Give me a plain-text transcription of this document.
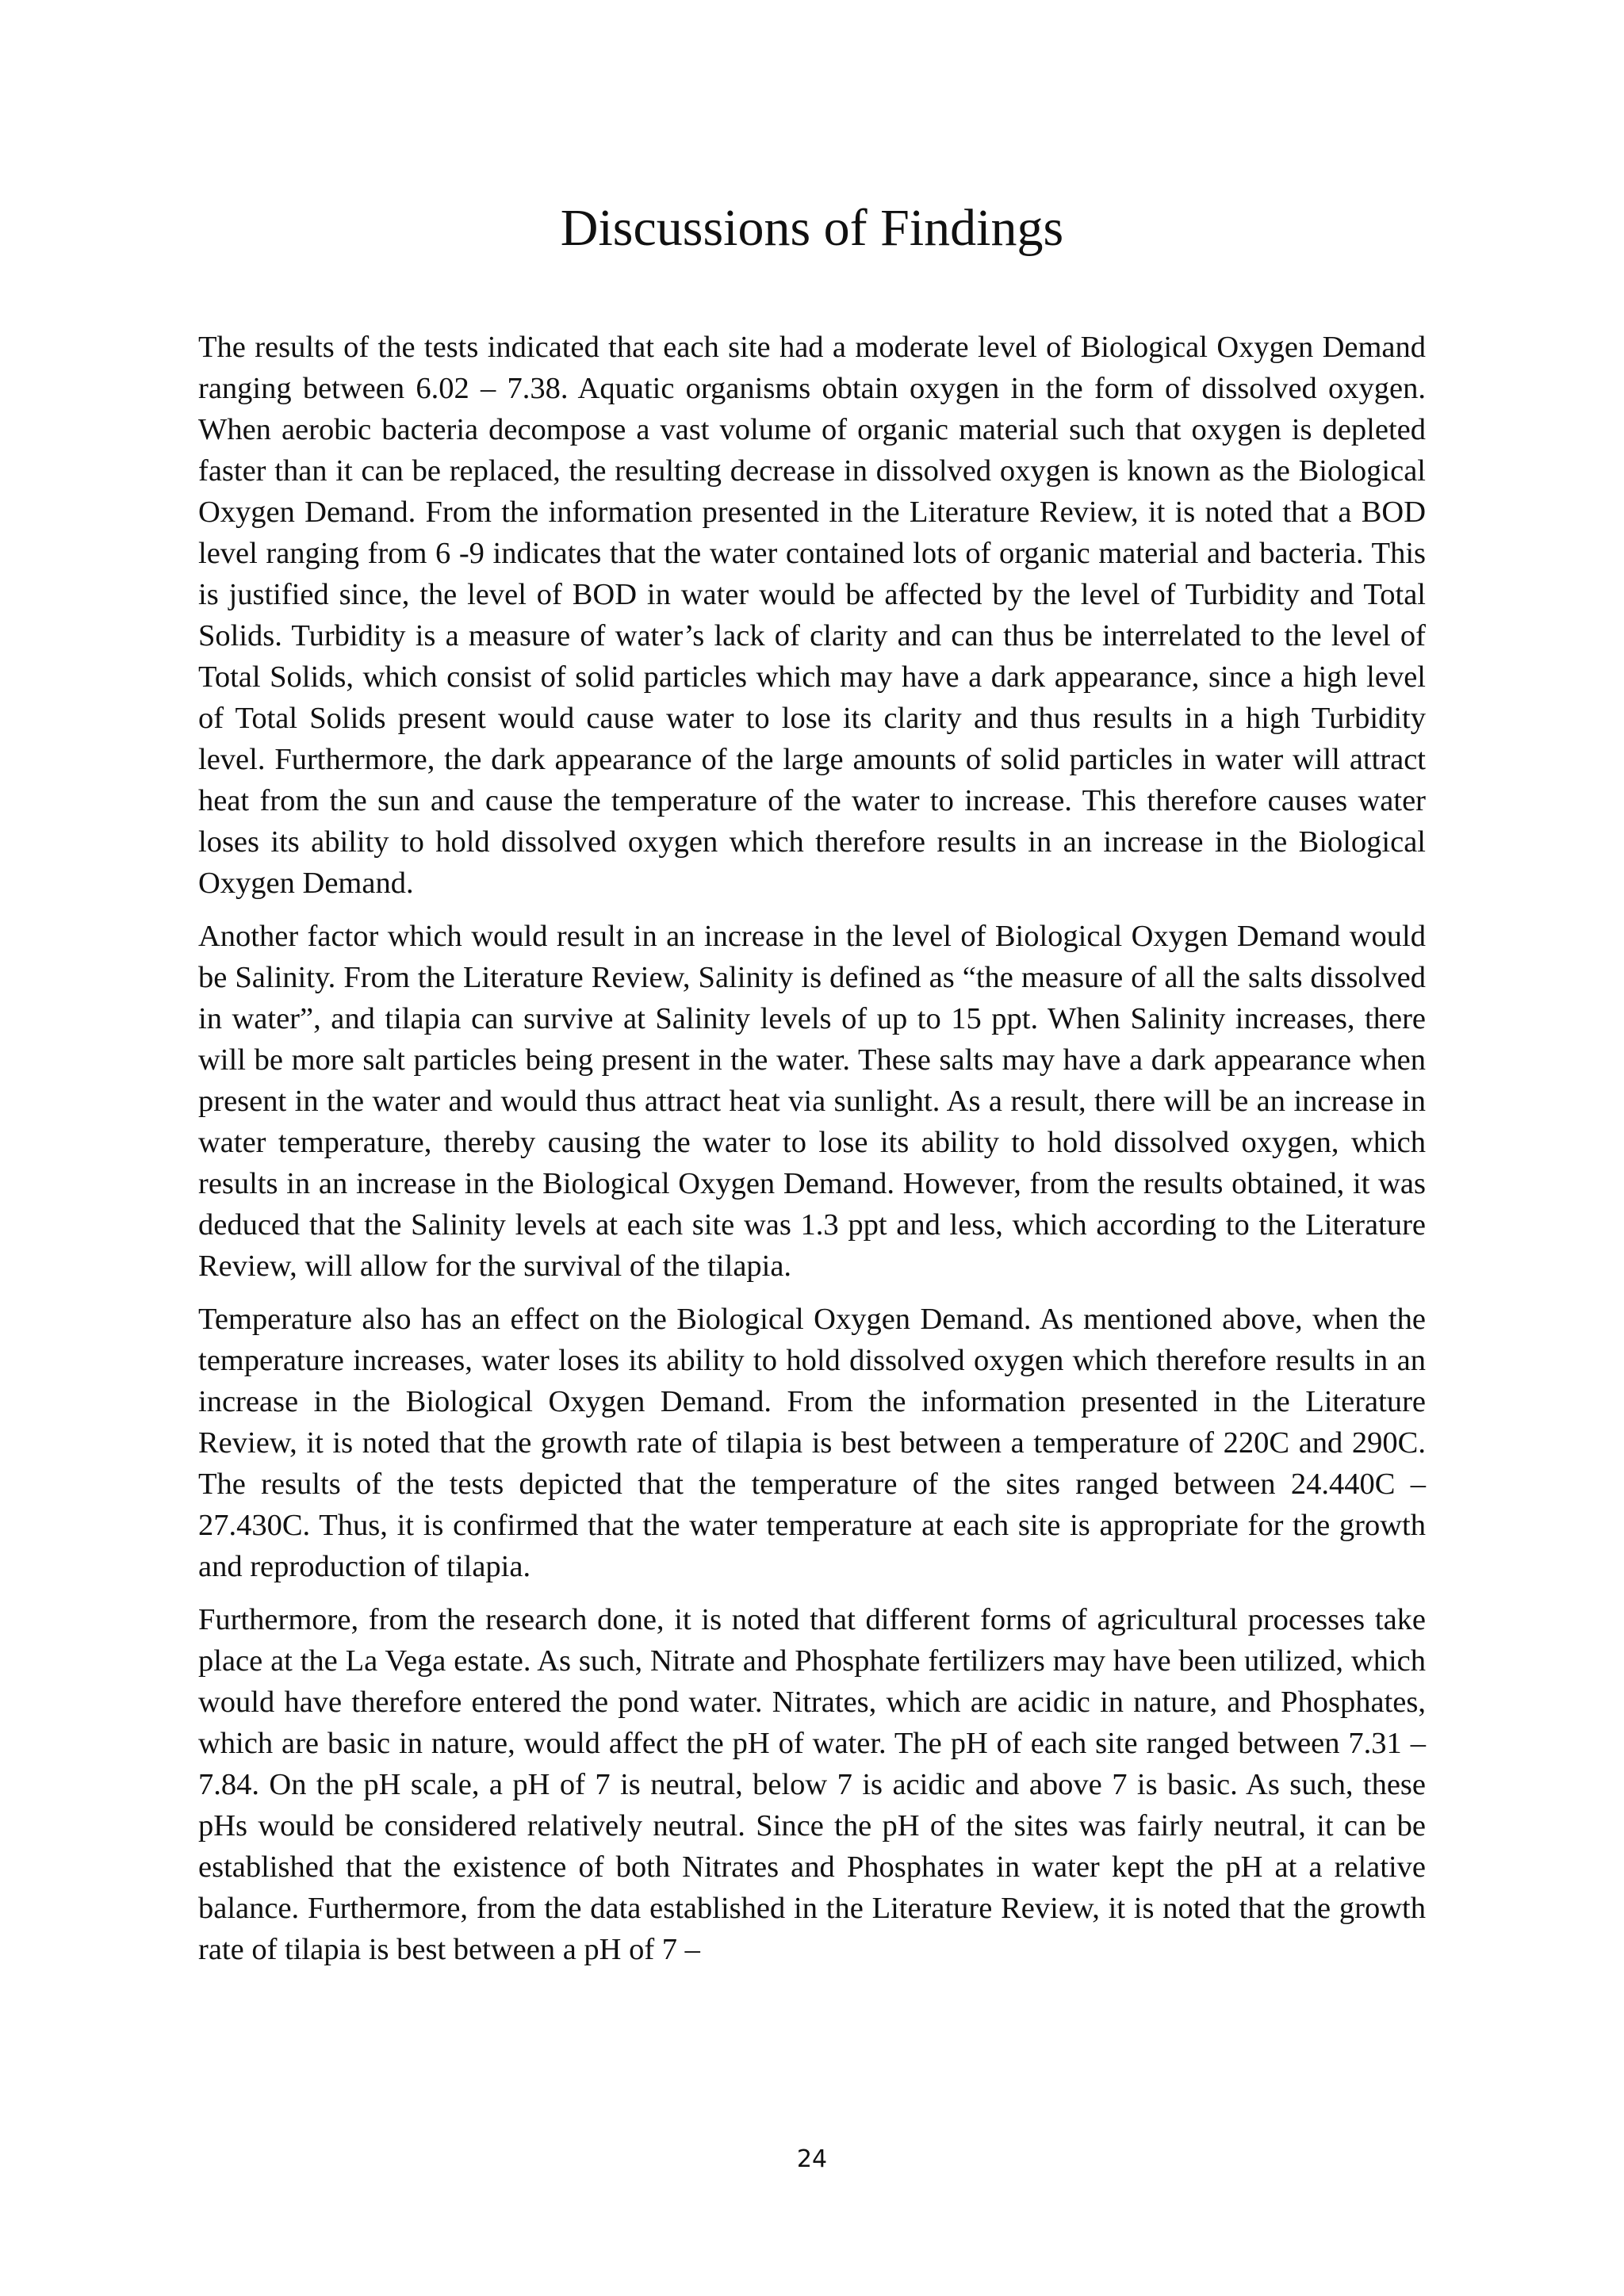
Discussions of Findings

The results of the tests indicated that each site had a moderate level of Biological Oxygen Demand ranging between 6.02 – 7.38. Aquatic organisms obtain oxygen in the form of dissolved oxygen. When aerobic bacteria decompose a vast volume of organic material such that oxygen is depleted faster than it can be replaced, the resulting decrease in dissolved oxygen is known as the Biological Oxygen Demand. From the information presented in the Literature Review, it is noted that a BOD level ranging from 6 -9 indicates that the water contained lots of organic material and bacteria. This is justified since, the level of BOD in water would be affected by the level of Turbidity and Total Solids. Turbidity is a measure of water’s lack of clarity and can thus be interrelated to the level of Total Solids, which consist of solid particles which may have a dark appearance, since a high level of Total Solids present would cause water to lose its clarity and thus results in a high Turbidity level. Furthermore, the dark appearance of the large amounts of solid particles in water will attract heat from the sun and cause the temperature of the water to increase. This therefore causes water loses its ability to hold dissolved oxygen which therefore results in an increase in the Biological Oxygen Demand.

Another factor which would result in an increase in the level of Biological Oxygen Demand would be Salinity. From the Literature Review, Salinity is defined as “the measure of all the salts dissolved in water”, and tilapia can survive at Salinity levels of up to 15 ppt. When Salinity increases, there will be more salt particles being present in the water. These salts may have a dark appearance when present in the water and would thus attract heat via sunlight. As a result, there will be an increase in water temperature, thereby causing the water to lose its ability to hold dissolved oxygen, which results in an increase in the Biological Oxygen Demand. However, from the results obtained, it was deduced that the Salinity levels at each site was 1.3 ppt and less, which according to the Literature Review, will allow for the survival of the tilapia.

Temperature also has an effect on the Biological Oxygen Demand. As mentioned above, when the temperature increases, water loses its ability to hold dissolved oxygen which therefore results in an increase in the Biological Oxygen Demand. From the information presented in the Literature Review, it is noted that the growth rate of tilapia is best between a temperature of 220C and 290C. The results of the tests depicted that the temperature of the sites ranged between 24.440C – 27.430C. Thus, it is confirmed that the water temperature at each site is appropriate for the growth and reproduction of tilapia.

Furthermore, from the research done, it is noted that different forms of agricultural processes take place at the La Vega estate. As such, Nitrate and Phosphate fertilizers may have been utilized, which would have therefore entered the pond water. Nitrates, which are acidic in nature, and Phosphates, which are basic in nature, would affect the pH of water. The pH of each site ranged between 7.31 – 7.84. On the pH scale, a pH of 7 is neutral, below 7 is acidic and above 7 is basic. As such, these pHs would be considered relatively neutral. Since the pH of the sites was fairly neutral, it can be established that the existence of both Nitrates and Phosphates in water kept the pH at a relative balance. Furthermore, from the data established in the Literature Review, it is noted that the growth rate of tilapia is best between a pH of 7 –

24
